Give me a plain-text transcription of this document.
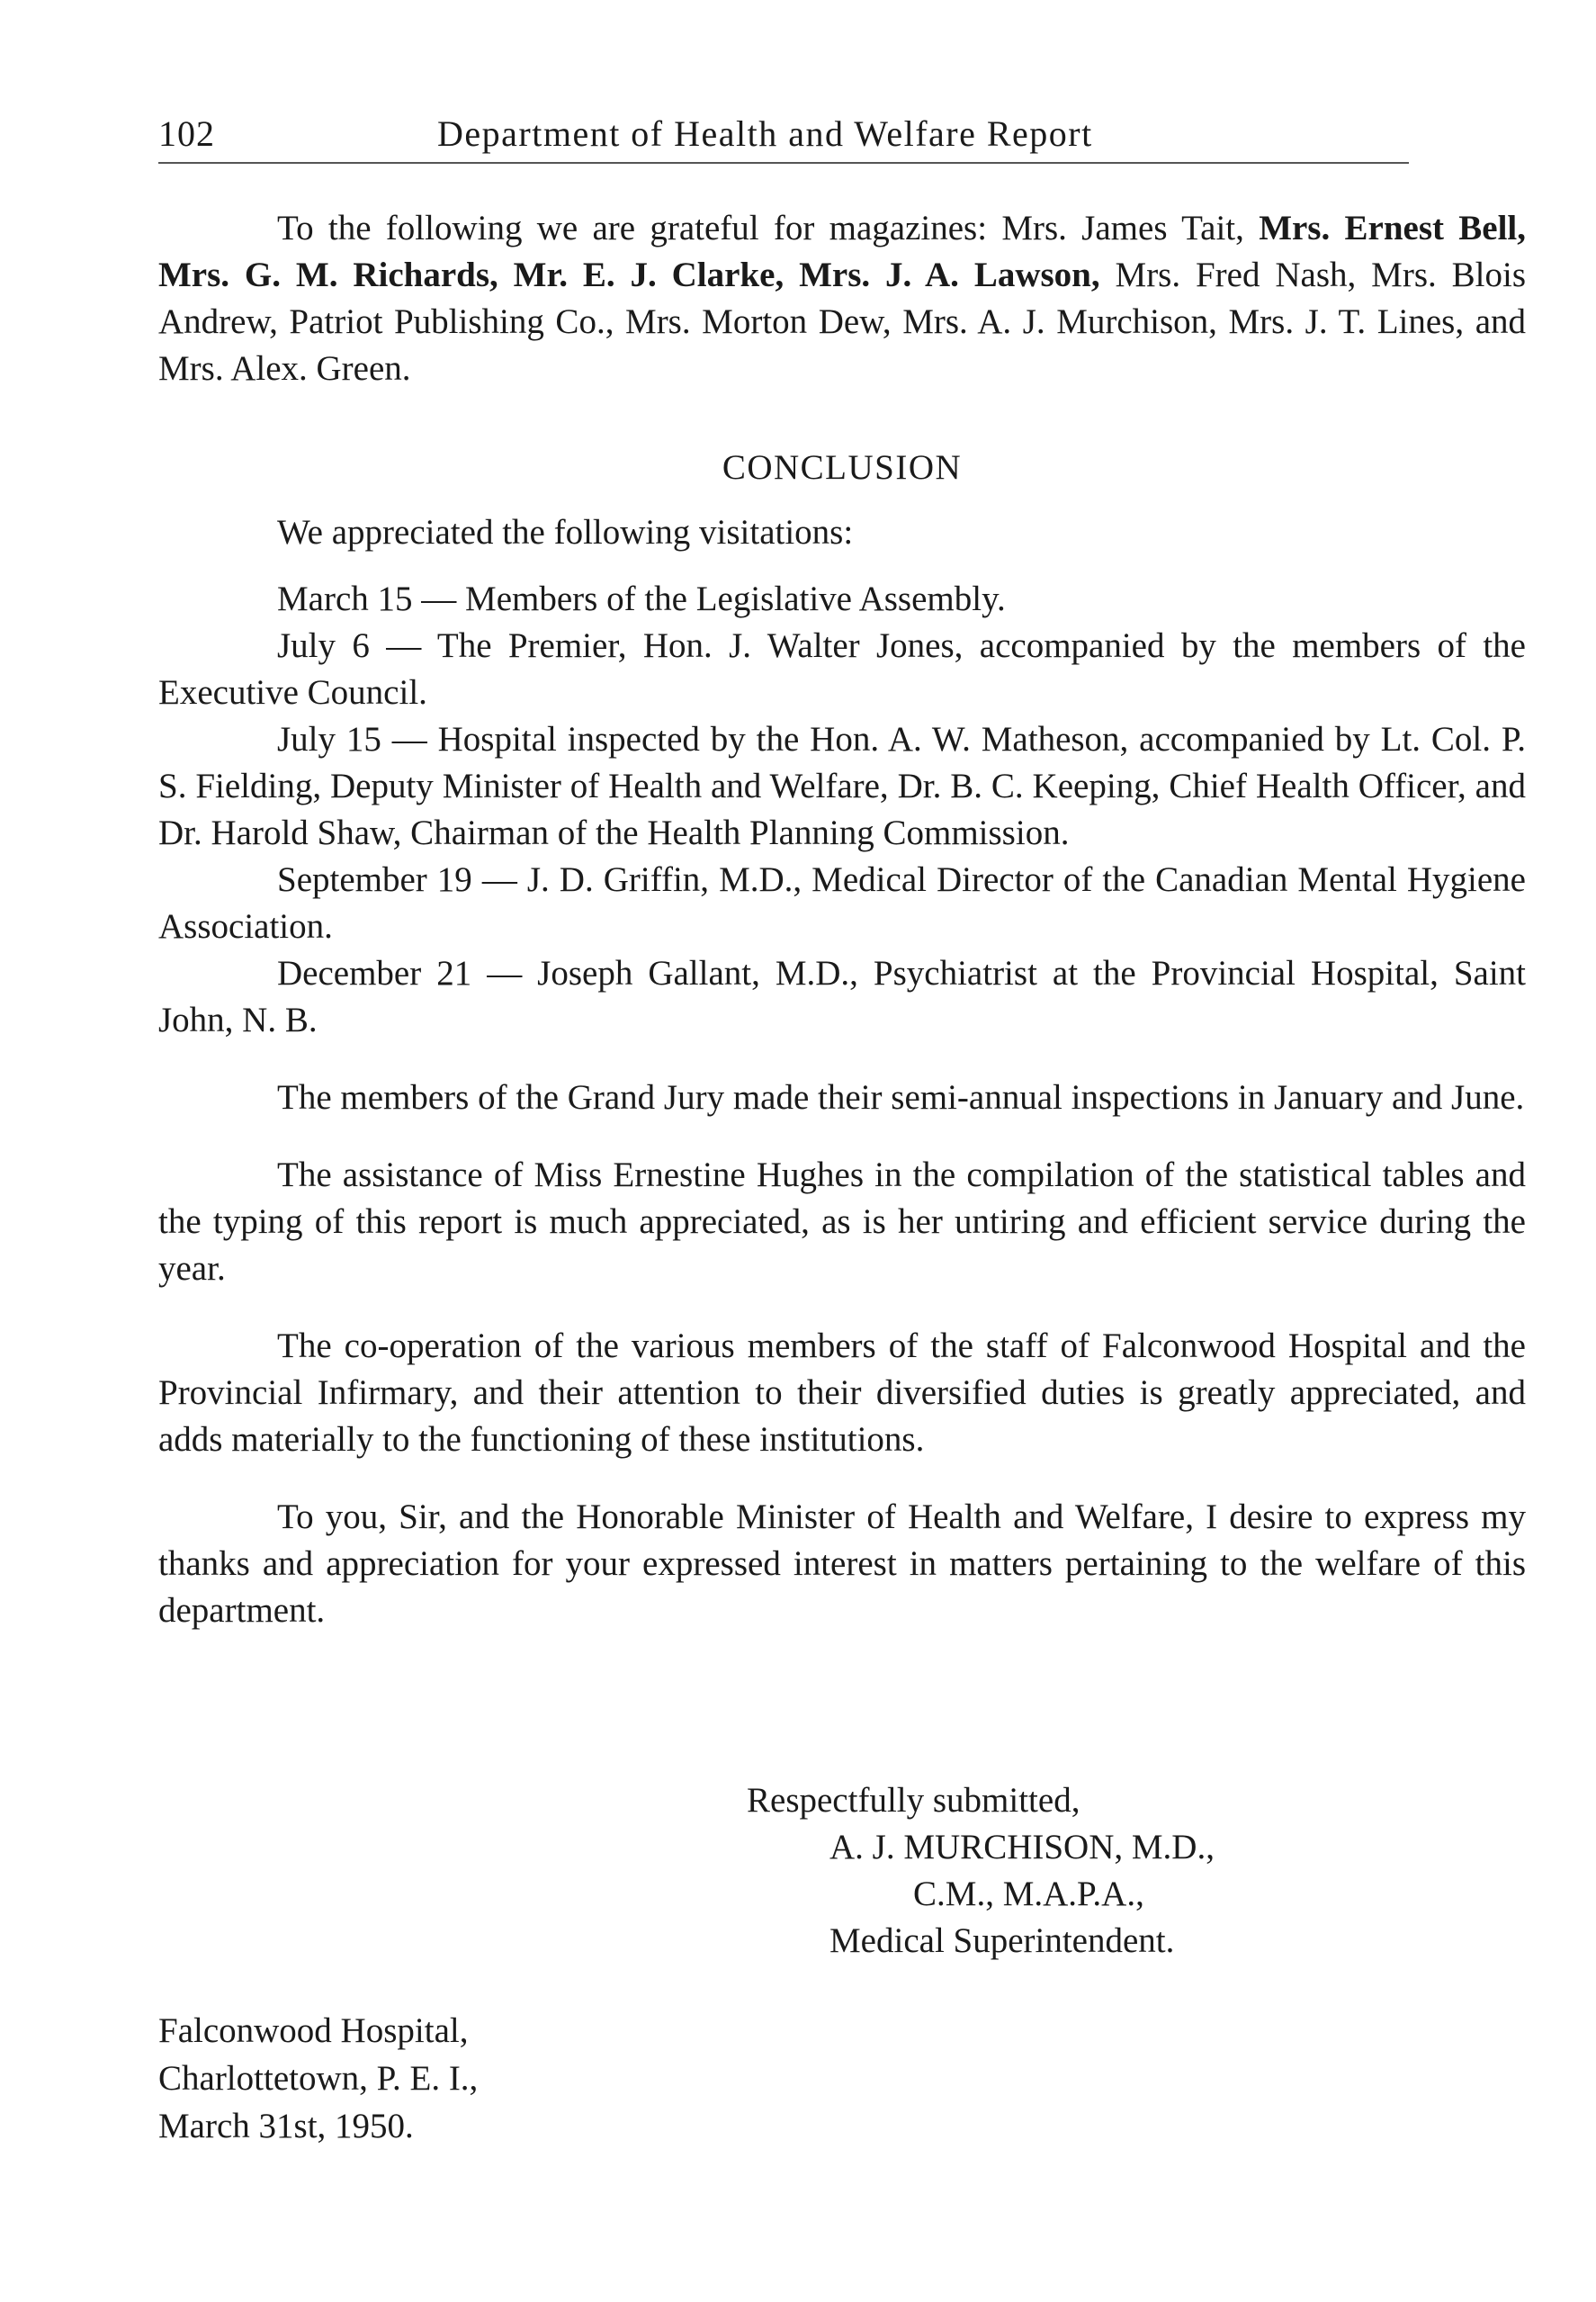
102	Department of Health and Welfare Report

To the following we are grateful for magazines: Mrs. James Tait, Mrs. Ernest Bell, Mrs. G. M. Richards, Mr. E. J. Clarke, Mrs. J. A. Lawson, Mrs. Fred Nash, Mrs. Blois Andrew, Patriot Publishing Co., Mrs. Morton Dew, Mrs. A. J. Murchison, Mrs. J. T. Lines, and Mrs. Alex. Green.

CONCLUSION

We appreciated the following visitations:

March 15 — Members of the Legislative Assembly.

July 6 — The Premier, Hon. J. Walter Jones, accompanied by the members of the Executive Council.

July 15 — Hospital inspected by the Hon. A. W. Matheson, accompanied by Lt. Col. P. S. Fielding, Deputy Minister of Health and Welfare, Dr. B. C. Keeping, Chief Health Officer, and Dr. Harold Shaw, Chairman of the Health Planning Commission.

September 19 — J. D. Griffin, M.D., Medical Director of the Canadian Mental Hygiene Association.

December 21 — Joseph Gallant, M.D., Psychiatrist at the Provincial Hospital, Saint John, N. B.

The members of the Grand Jury made their semi-annual inspections in January and June.

The assistance of Miss Ernestine Hughes in the compilation of the statistical tables and the typing of this report is much appreciated, as is her untiring and efficient service during the year.

The co-operation of the various members of the staff of Falconwood Hospital and the Provincial Infirmary, and their attention to their diversified duties is greatly appreciated, and adds materially to the functioning of these institutions.

To you, Sir, and the Honorable Minister of Health and Welfare, I desire to express my thanks and appreciation for your expressed interest in matters pertaining to the welfare of this department.

Respectfully submitted,
A. J. MURCHISON, M.D.,
C.M., M.A.P.A.,
Medical Superintendent.
Falconwood Hospital,
Charlottetown, P. E. I.,
March 31st, 1950.
